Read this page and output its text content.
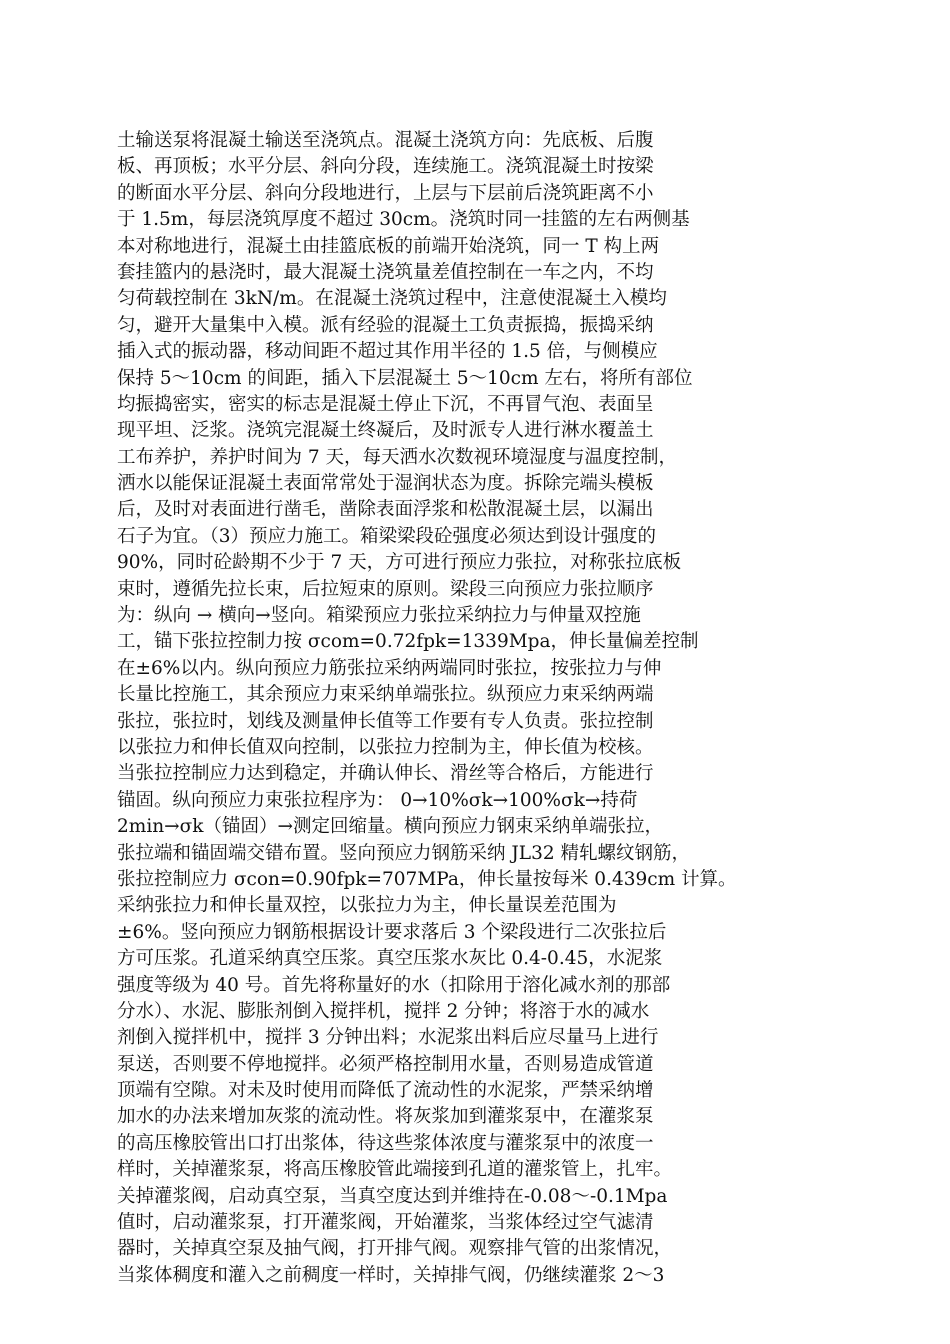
土输送泵将混凝土输送至浇筑点。混凝土浇筑方向：先底板、后腹
板、再顶板；水平分层、斜向分段，连续施工。浇筑混凝土时按梁
的断面水平分层、斜向分段地进行，上层与下层前后浇筑距离不小
于 1.5m，每层浇筑厚度不超过 30cm。浇筑时同一挂篮的左右两侧基
本对称地进行，混凝土由挂篮底板的前端开始浇筑，同一 T 构上两
套挂篮内的悬浇时，最大混凝土浇筑量差值控制在一车之内，不均
匀荷载控制在 3kN/m。在混凝土浇筑过程中，注意使混凝土入模均
匀，避开大量集中入模。派有经验的混凝土工负责振捣，振捣采纳
插入式的振动器，移动间距不超过其作用半径的 1.5 倍，与侧模应
保持 5～10cm 的间距，插入下层混凝土 5～10cm 左右，将所有部位
均振捣密实，密实的标志是混凝土停止下沉，不再冒气泡、表面呈
现平坦、泛浆。浇筑完混凝土终凝后，及时派专人进行淋水覆盖土
工布养护，养护时间为 7 天，每天洒水次数视环境湿度与温度控制，
洒水以能保证混凝土表面常常处于湿润状态为度。拆除完端头模板
后，及时对表面进行凿毛，凿除表面浮浆和松散混凝土层，以漏出
石子为宜。（3）预应力施工。箱梁梁段砼强度必须达到设计强度的
90%，同时砼龄期不少于 7 天，方可进行预应力张拉，对称张拉底板
束时，遵循先拉长束，后拉短束的原则。梁段三向预应力张拉顺序
为：纵向 → 横向→竖向。箱梁预应力张拉采纳拉力与伸量双控施
工，锚下张拉控制力按 σcom=0.72fpk=1339Mpa，伸长量偏差控制
在±6%以内。纵向预应力筋张拉采纳两端同时张拉，按张拉力与伸
长量比控施工，其余预应力束采纳单端张拉。纵预应力束采纳两端
张拉，张拉时，划线及测量伸长值等工作要有专人负责。张拉控制
以张拉力和伸长值双向控制，以张拉力控制为主，伸长值为校核。
当张拉控制应力达到稳定，并确认伸长、滑丝等合格后，方能进行
锚固。纵向预应力束张拉程序为： 0→10%σk→100%σk→持荷
2min→σk（锚固）→测定回缩量。横向预应力钢束采纳单端张拉，
张拉端和锚固端交错布置。竖向预应力钢筋采纳 JL32 精轧螺纹钢筋，
张拉控制应力 σcon=0.90fpk=707MPa，伸长量按每米 0.439cm 计算。
采纳张拉力和伸长量双控，以张拉力为主，伸长量误差范围为
±6%。竖向预应力钢筋根据设计要求落后 3 个梁段进行二次张拉后
方可压浆。孔道采纳真空压浆。真空压浆水灰比 0.4-0.45，水泥浆
强度等级为 40 号。首先将称量好的水（扣除用于溶化减水剂的那部
分水）、水泥、膨胀剂倒入搅拌机，搅拌 2 分钟；将溶于水的减水
剂倒入搅拌机中，搅拌 3 分钟出料；水泥浆出料后应尽量马上进行
泵送，否则要不停地搅拌。必须严格控制用水量，否则易造成管道
顶端有空隙。对未及时使用而降低了流动性的水泥浆，严禁采纳增
加水的办法来增加灰浆的流动性。将灰浆加到灌浆泵中，在灌浆泵
的高压橡胶管出口打出浆体，待这些浆体浓度与灌浆泵中的浓度一
样时，关掉灌浆泵，将高压橡胶管此端接到孔道的灌浆管上，扎牢。
关掉灌浆阀，启动真空泵，当真空度达到并维持在-0.08～-0.1Mpa
值时，启动灌浆泵，打开灌浆阀，开始灌浆，当浆体经过空气滤清
器时，关掉真空泵及抽气阀，打开排气阀。观察排气管的出浆情况，
当浆体稠度和灌入之前稠度一样时，关掉排气阀，仍继续灌浆 2～3
